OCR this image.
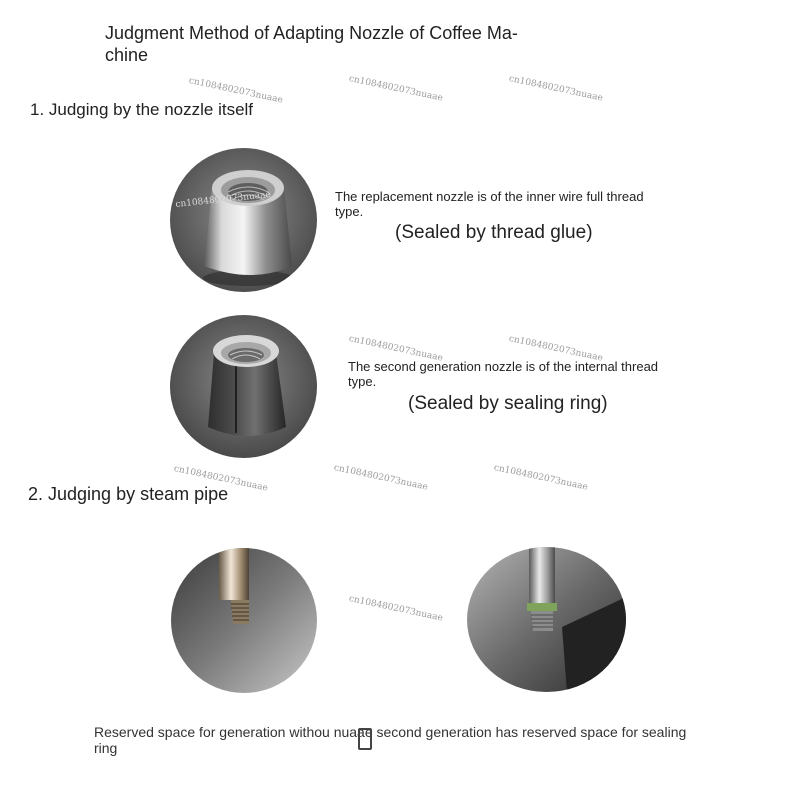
Judgment Method of Adapting Nozzle of Coffee Ma-
chine
cn1084802073nuaae	cn1084802073nuaae	cn1084802073nuaae
cn1084802073nuaae	cn1084802073nuaae
cn1084802073nuaae	cn1084802073nuaae	cn1084802073nuaae
cn1084802073nuaae
1. Judging by the nozzle itself
cn1084802073nuaae	The replacement nozzle is of the inner wire full thread type.
(Sealed by thread glue)
The second generation nozzle is of the internal thread type.
(Sealed by sealing ring)
2. Judging by steam pipe
Reserved space for generation withou nuaae second generation has reserved space for sealing ring
